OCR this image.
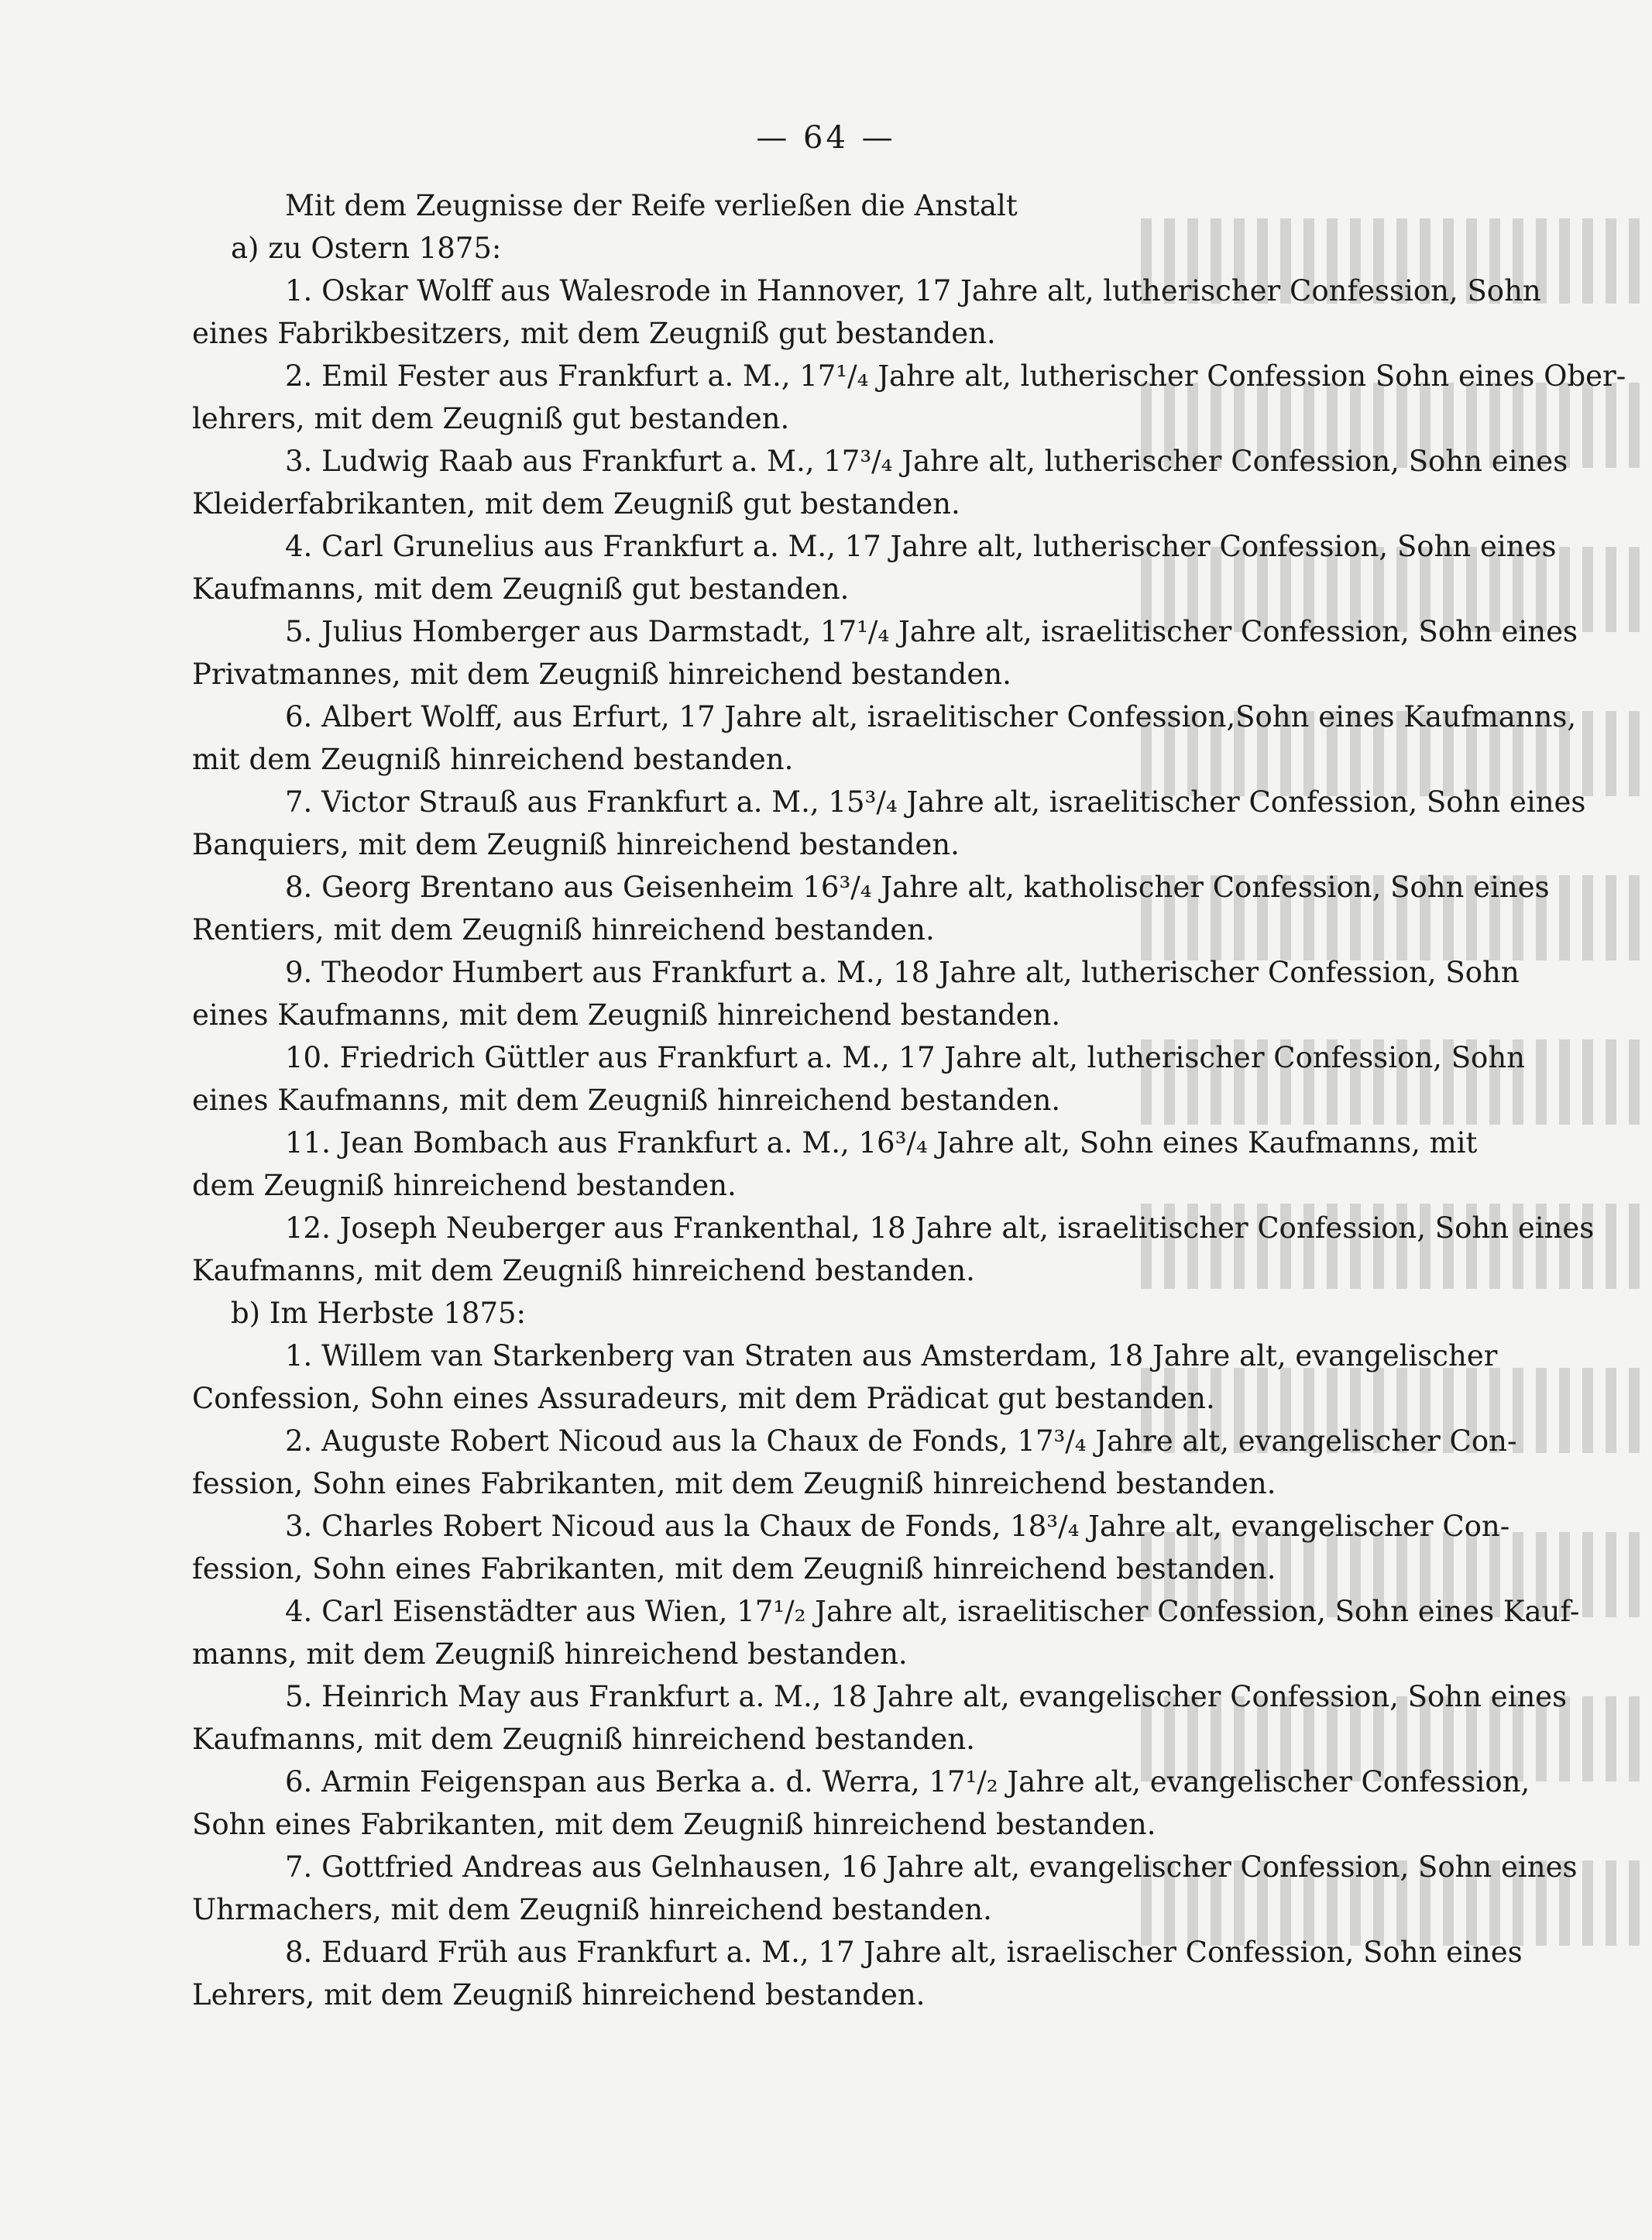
— 64 —
Mit dem Zeugnisse der Reife verließen die Anstalt
a) zu Ostern 1875:
1. Oskar Wolff aus Walesrode in Hannover, 17 Jahre alt, lutherischer Confession, Sohn
eines Fabrikbesitzers, mit dem Zeugniß gut bestanden.
2. Emil Fester aus Frankfurt a. M., 17¹/₄ Jahre alt, lutherischer Confession Sohn eines Ober-
lehrers, mit dem Zeugniß gut bestanden.
3. Ludwig Raab aus Frankfurt a. M., 17³/₄ Jahre alt, lutherischer Confession, Sohn eines
Kleiderfabrikanten, mit dem Zeugniß gut bestanden.
4. Carl Grunelius aus Frankfurt a. M., 17 Jahre alt, lutherischer Confession, Sohn eines
Kaufmanns, mit dem Zeugniß gut bestanden.
5. Julius Homberger aus Darmstadt, 17¹/₄ Jahre alt, israelitischer Confession, Sohn eines
Privatmannes, mit dem Zeugniß hinreichend bestanden.
6. Albert Wolff, aus Erfurt, 17 Jahre alt, israelitischer Confession,Sohn eines Kaufmanns,
mit dem Zeugniß hinreichend bestanden.
7. Victor Strauß aus Frankfurt a. M., 15³/₄ Jahre alt, israelitischer Confession, Sohn eines
Banquiers, mit dem Zeugniß hinreichend bestanden.
8. Georg Brentano aus Geisenheim 16³/₄ Jahre alt, katholischer Confession, Sohn eines
Rentiers, mit dem Zeugniß hinreichend bestanden.
9. Theodor Humbert aus Frankfurt a. M., 18 Jahre alt, lutherischer Confession, Sohn
eines Kaufmanns, mit dem Zeugniß hinreichend bestanden.
10. Friedrich Güttler aus Frankfurt a. M., 17 Jahre alt, lutherischer Confession, Sohn
eines Kaufmanns, mit dem Zeugniß hinreichend bestanden.
11. Jean Bombach aus Frankfurt a. M., 16³/₄ Jahre alt, Sohn eines Kaufmanns, mit
dem Zeugniß hinreichend bestanden.
12. Joseph Neuberger aus Frankenthal, 18 Jahre alt, israelitischer Confession, Sohn eines
Kaufmanns, mit dem Zeugniß hinreichend bestanden.
b) Im Herbste 1875:
1. Willem van Starkenberg van Straten aus Amsterdam, 18 Jahre alt, evangelischer
Confession, Sohn eines Assuradeurs, mit dem Prädicat gut bestanden.
2. Auguste Robert Nicoud aus la Chaux de Fonds, 17³/₄ Jahre alt, evangelischer Con-
fession, Sohn eines Fabrikanten, mit dem Zeugniß hinreichend bestanden.
3. Charles Robert Nicoud aus la Chaux de Fonds, 18³/₄ Jahre alt, evangelischer Con-
fession, Sohn eines Fabrikanten, mit dem Zeugniß hinreichend bestanden.
4. Carl Eisenstädter aus Wien, 17¹/₂ Jahre alt, israelitischer Confession, Sohn eines Kauf-
manns, mit dem Zeugniß hinreichend bestanden.
5. Heinrich May aus Frankfurt a. M., 18 Jahre alt, evangelischer Confession, Sohn eines
Kaufmanns, mit dem Zeugniß hinreichend bestanden.
6. Armin Feigenspan aus Berka a. d. Werra, 17¹/₂ Jahre alt, evangelischer Confession,
Sohn eines Fabrikanten, mit dem Zeugniß hinreichend bestanden.
7. Gottfried Andreas aus Gelnhausen, 16 Jahre alt, evangelischer Confession, Sohn eines
Uhrmachers, mit dem Zeugniß hinreichend bestanden.
8. Eduard Früh aus Frankfurt a. M., 17 Jahre alt, israelischer Confession, Sohn eines
Lehrers, mit dem Zeugniß hinreichend bestanden.
